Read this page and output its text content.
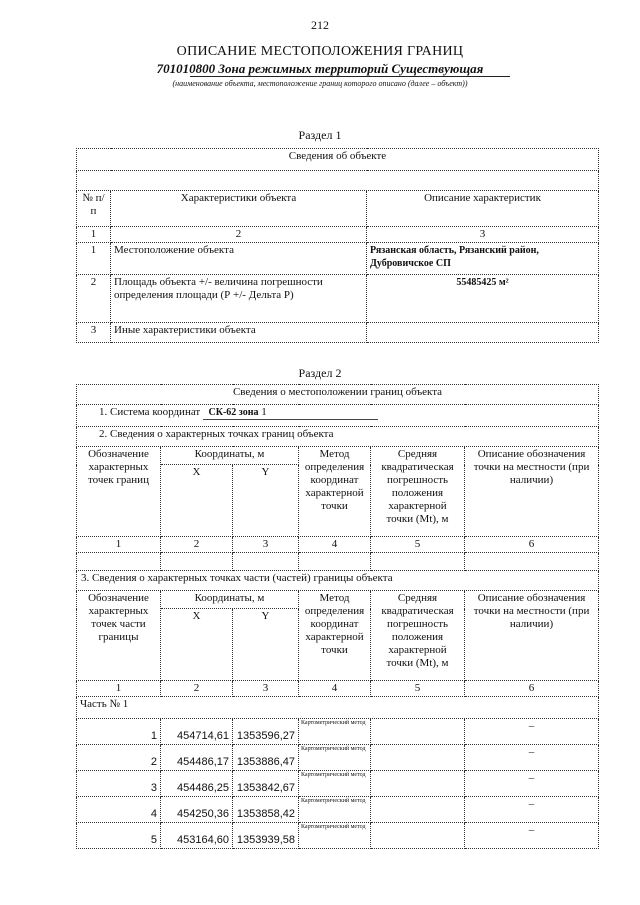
212
ОПИСАНИЕ МЕСТОПОЛОЖЕНИЯ ГРАНИЦ
701010800 Зона режимных территорий Существующая
(наименование объекта, местоположение границ которого описано (далее – объект))
Раздел 1
Сведения об объекте		

№ п/п	Характеристики объекта	Описание характеристик
1	2	3
1	Местоположение объекта	Рязанская область, Рязанский район, Дубровичское СП
2	Площадь объекта +/- величина погрешности определения площади (Р +/- Дельта Р)	55485425 м²
3	Иные характеристики объекта	
Раздел 2
Сведения о местоположении границ объекта					
1. Система координат СК-62 зона 1					
2. Сведения о характерных точках границ объекта					
Обозначение характерных точек границ	Координаты, м		Метод определения координат характерной точки	Средняя квадратическая погрешность положения характерной точки (Мt), м	Описание обозначения точки на местности (при наличии)
	X	Y			
1	2	3	4	5	6

3. Сведения о характерных точках части (частей) границы объекта					
Обозначение характерных точек части границы	Координаты, м		Метод определения координат характерной точки	Средняя квадратическая погрешность положения характерной точки (Мt), м	Описание обозначения точки на местности (при наличии)
	X	Y			
1	2	3	4	5	6
Часть № 1					
1	454714,61	1353596,27	Картометрический метод		–
2	454486,17	1353886,47	Картометрический метод		–
3	454486,25	1353842,67	Картометрический метод		–
4	454250,36	1353858,42	Картометрический метод		–
5	453164,60	1353939,58	Картометрический метод		–
